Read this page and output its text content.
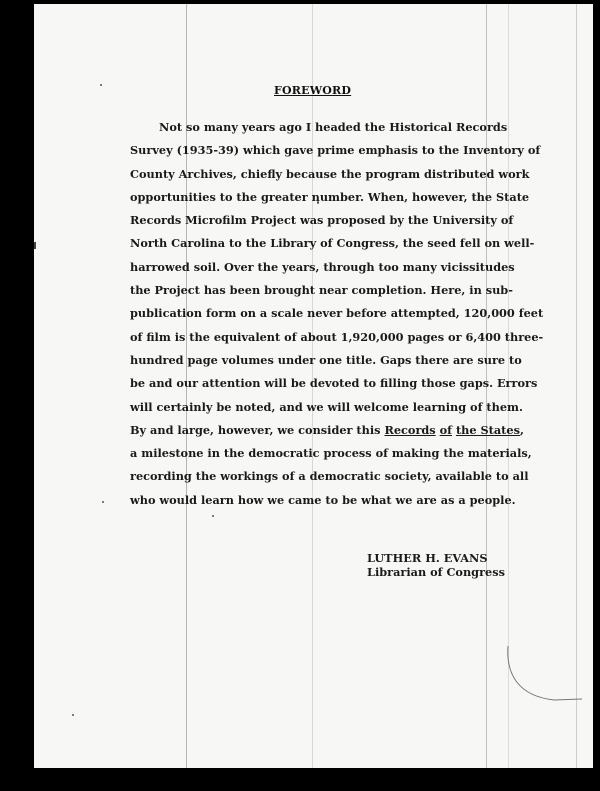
FOREWORD
Not so many years ago I headed the Historical Records
Survey (1935-39) which gave prime emphasis to the Inventory of
County Archives, chiefly because the program distributed work
opportunities to the greater number. When, however, the State
Records Microfilm Project was proposed by the University of
North Carolina to the Library of Congress, the seed fell on well-
harrowed soil. Over the years, through too many vicissitudes
the Project has been brought near completion. Here, in sub-
publication form on a scale never before attempted, 120,000 feet
of film is the equivalent of about 1,920,000 pages or 6,400 three-
hundred page volumes under one title. Gaps there are sure to
be and our attention will be devoted to filling those gaps. Errors
will certainly be noted, and we will welcome learning of them.
By and large, however, we consider this Records of the States,
a milestone in the democratic process of making the materials,
recording the workings of a democratic society, available to all
who would learn how we came to be what we are as a people.
LUTHER H. EVANS
Librarian of Congress
